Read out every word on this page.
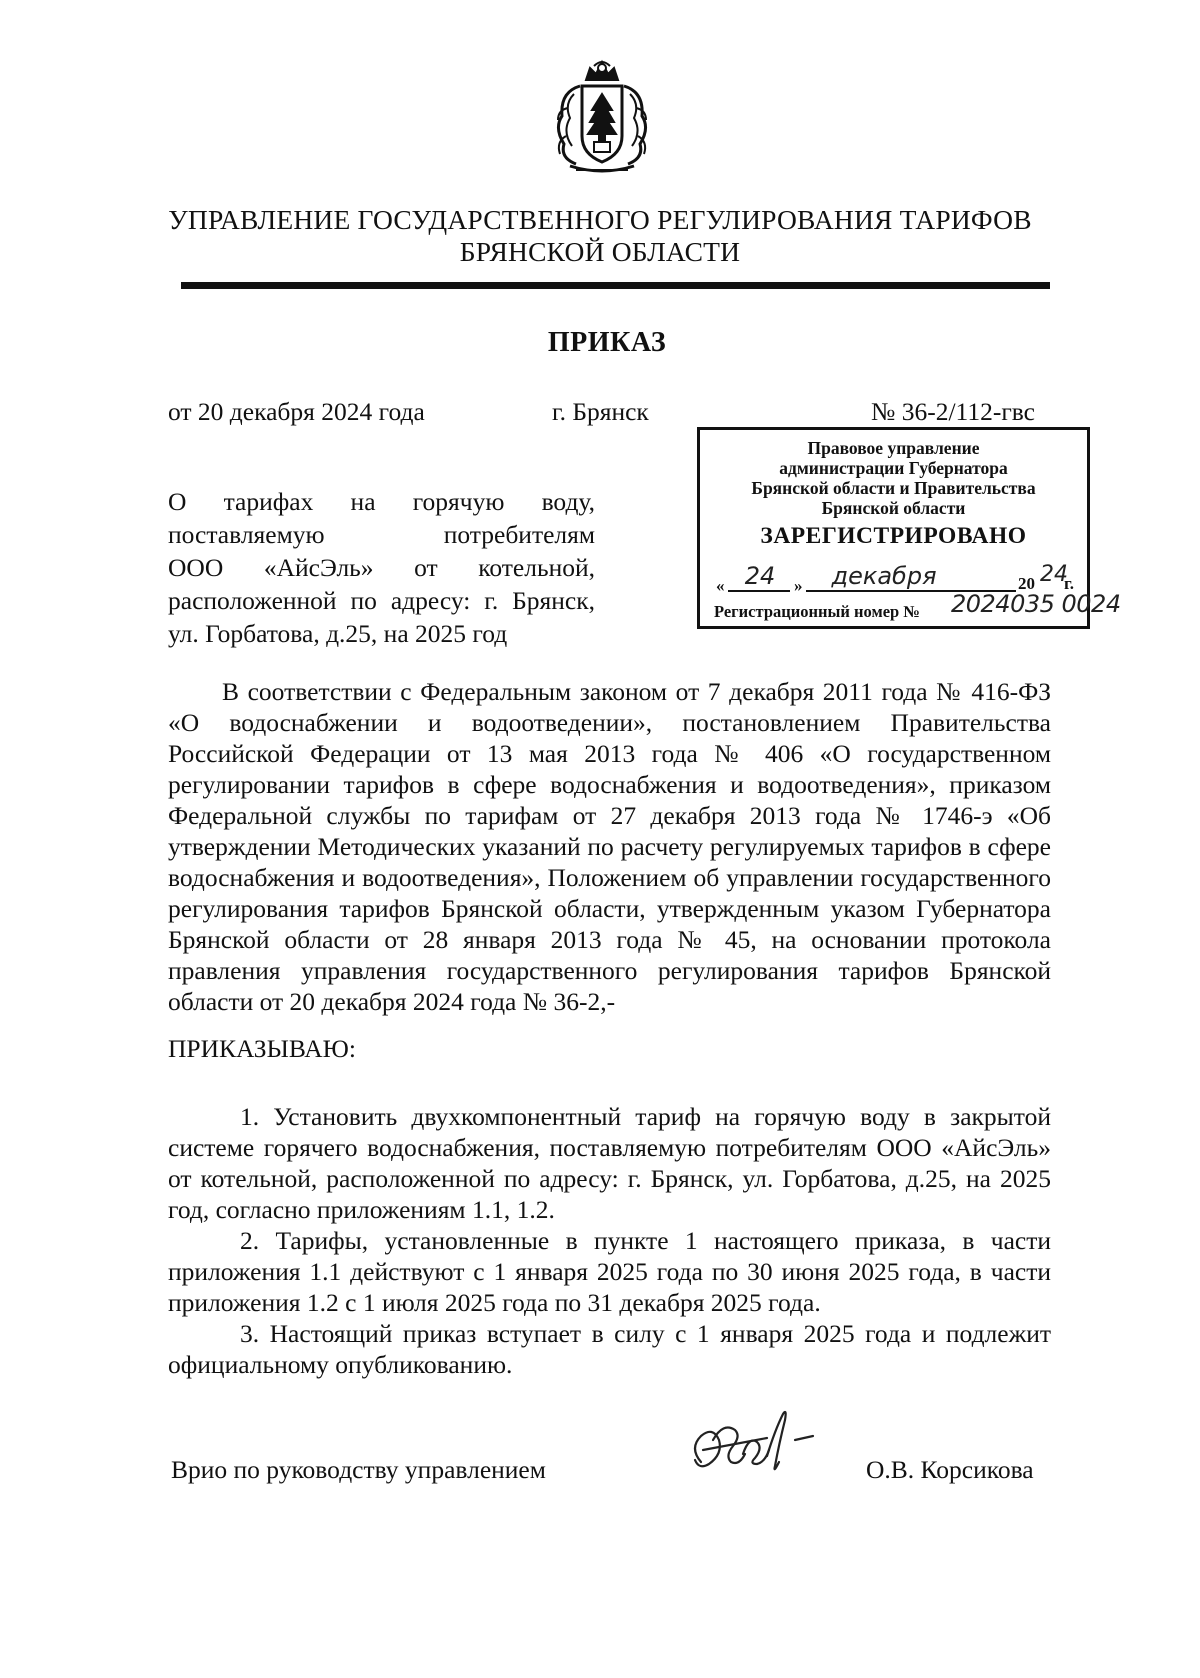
УПРАВЛЕНИЕ ГОСУДАРСТВЕННОГО РЕГУЛИРОВАНИЯ ТАРИФОВ
БРЯНСКОЙ ОБЛАСТИ
ПРИКАЗ
от 20 декабря 2024 года	г. Брянск	№ 36-2/112-гвс
Правовое управление
администрации Губернатора
Брянской области и Правительства
Брянской области
ЗАРЕГИСТРИРОВАНО
« 24	»	декабря	20 24
г.
Регистрационный номер № 2024035 0024
О тарифах на горячую воду,
поставляемую потребителям
ООО «АйсЭль» от котельной,
расположенной по адресу: г. Брянск,
ул. Горбатова, д.25, на 2025 год
В соответствии с Федеральным законом от 7 декабря 2011 года № 416-ФЗ «О водоснабжении и водоотведении», постановлением Правительства Российской Федерации от 13 мая 2013 года № 406 «О государственном регулировании тарифов в сфере водоснабжения и водоотведения», приказом Федеральной службы по тарифам от 27 декабря 2013 года № 1746-э «Об утверждении Методических указаний по расчету регулируемых тарифов в сфере водоснабжения и водоотведения», Положением об управлении государственного регулирования тарифов Брянской области, утвержденным указом Губернатора Брянской области от 28 января 2013 года № 45, на основании протокола правления управления государственного регулирования тарифов Брянской области от 20 декабря 2024 года № 36-2,-
ПРИКАЗЫВАЮ:
1. Установить двухкомпонентный тариф на горячую воду в закрытой системе горячего водоснабжения, поставляемую потребителям ООО «АйсЭль» от котельной, расположенной по адресу: г. Брянск, ул. Горбатова, д.25, на 2025 год, согласно приложениям 1.1, 1.2.
2. Тарифы, установленные в пункте 1 настоящего приказа, в части приложения 1.1 действуют с 1 января 2025 года по 30 июня 2025 года, в части приложения 1.2 с 1 июля 2025 года по 31 декабря 2025 года.
3. Настоящий приказ вступает в силу с 1 января 2025 года и подлежит официальному опубликованию.
Врио по руководству управлением	О.В. Корсикова
